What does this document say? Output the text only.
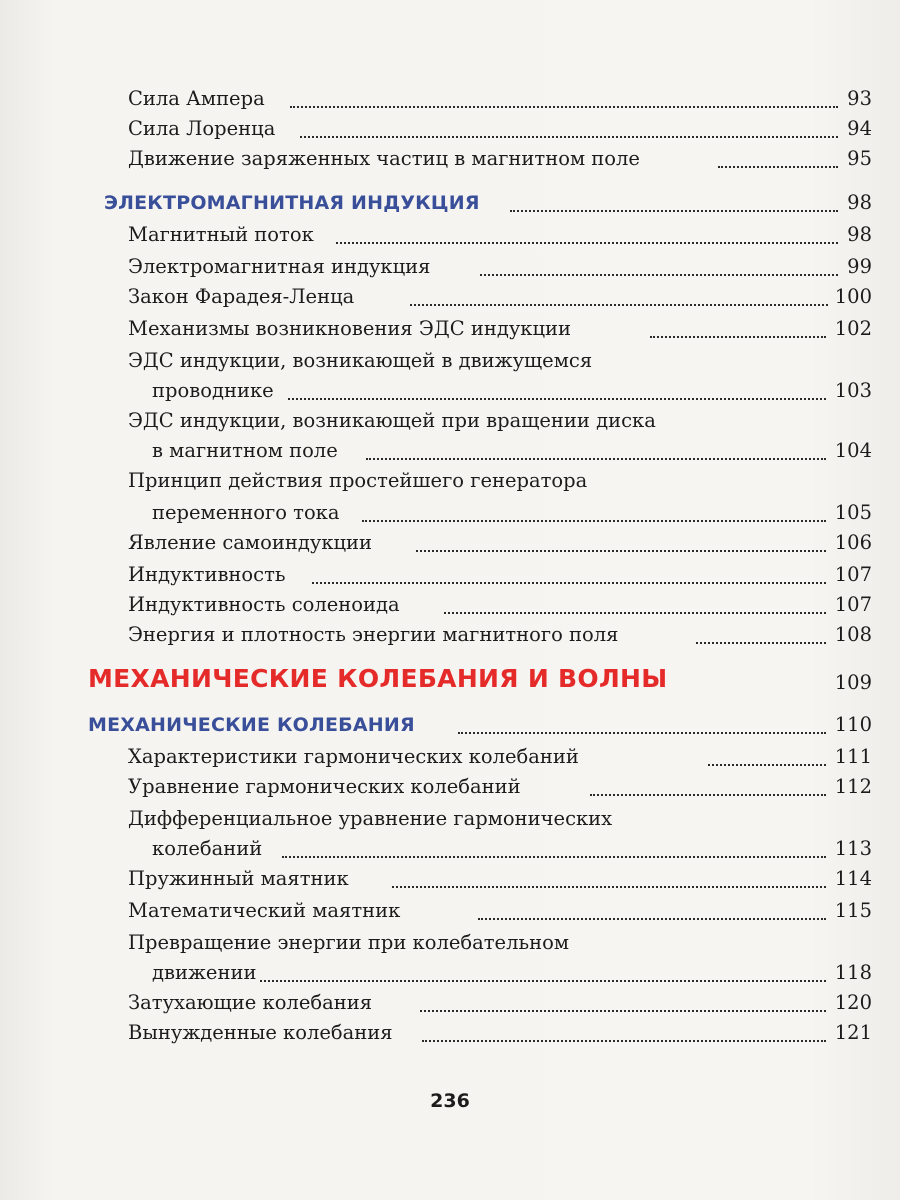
Сила Ампера	93
Сила Лоренца	94
Движение заряженных частиц в магнитном поле	95
ЭЛЕКТРОМАГНИТНАЯ ИНДУКЦИЯ	98
Магнитный поток	98
Электромагнитная индукция	99
Закон Фарадея-Ленца	100
Механизмы возникновения ЭДС индукции	102
ЭДС индукции, возникающей в движущемся
проводнике	103
ЭДС индукции, возникающей при вращении диска
в магнитном поле	104
Принцип действия простейшего генератора
переменного тока	105
Явление самоиндукции	106
Индуктивность	107
Индуктивность соленоида	107
Энергия и плотность энергии магнитного поля	108
МЕХАНИЧЕСКИЕ КОЛЕБАНИЯ И ВОЛНЫ	109
МЕХАНИЧЕСКИЕ КОЛЕБАНИЯ	110
Характеристики гармонических колебаний	111
Уравнение гармонических колебаний	112
Дифференциальное уравнение гармонических
колебаний	113
Пружинный маятник	114
Математический маятник	115
Превращение энергии при колебательном
движении	118
Затухающие колебания	120
Вынужденные колебания	121
236
